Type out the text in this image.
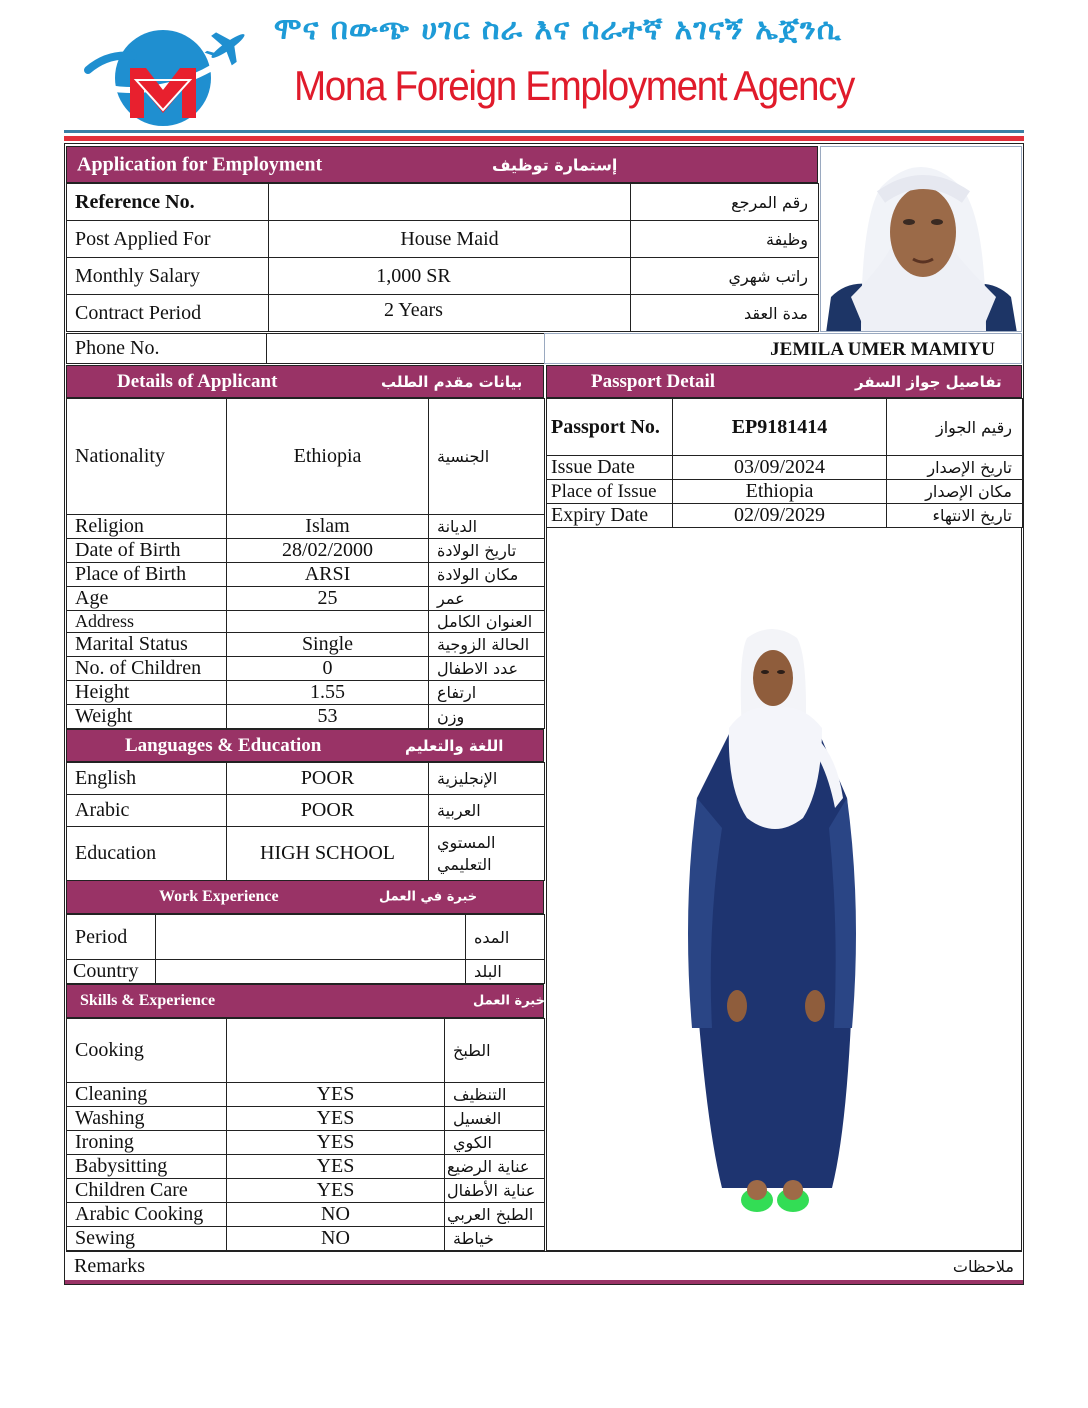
ሞና በውጭ ሀገር ስራ እና ሰራተኛ አገናኝ ኤጀንሲ
Mona Foreign Employment Agency
Application for Employment	إستمارة توظيف
Reference No.		رقم المرجع
Post Applied For	House Maid	وظيفة
Monthly Salary	1,000 SR	راتب شهري
Contract Period	2 Years	مدة العقد
Phone No.		JEMILA UMER MAMIYU
Details of Applicant	بيانات مقدم الطلب
Nationality	Ethiopia	الجنسية
Religion	Islam	الديانة
Date of Birth	28/02/2000	تاريخ الولادة
Place of Birth	ARSI	مكان الولادة
Age	25	عمر
Address		العنوان الكامل
Marital Status	Single	الحالة الزوجية
No. of Children	0	عدد الاطفال
Height	1.55	ارتفاع
Weight	53	وزن
Passport Detail	تفاصيل جواز السفر
Passport No.	EP9181414	رقيم الجواز
Issue Date	03/09/2024	تاريخ الإصدار
Place of Issue	Ethiopia	مكان الإصدار
Expiry Date	02/09/2029	تاريخ الانتهاء
Languages & Education	اللغة والتعليم
English	POOR	الإنجليزية
Arabic	POOR	العربية
Education	HIGH SCHOOL	المستوي التعليمي
Work Experience	خبرة في العمل
Period		المده
Country		البلد
Skills & Experience	خبرة العمل
Cooking		الطبخ
Cleaning	YES	التنظيف
Washing	YES	الغسيل
Ironing	YES	الكوي
Babysitting	YES	عناية الرضيع
Children Care	YES	عناية الأطفال
Arabic Cooking	NO	الطبخ العربي
Sewing	NO	خياطة
Remarks	ملاحظات
